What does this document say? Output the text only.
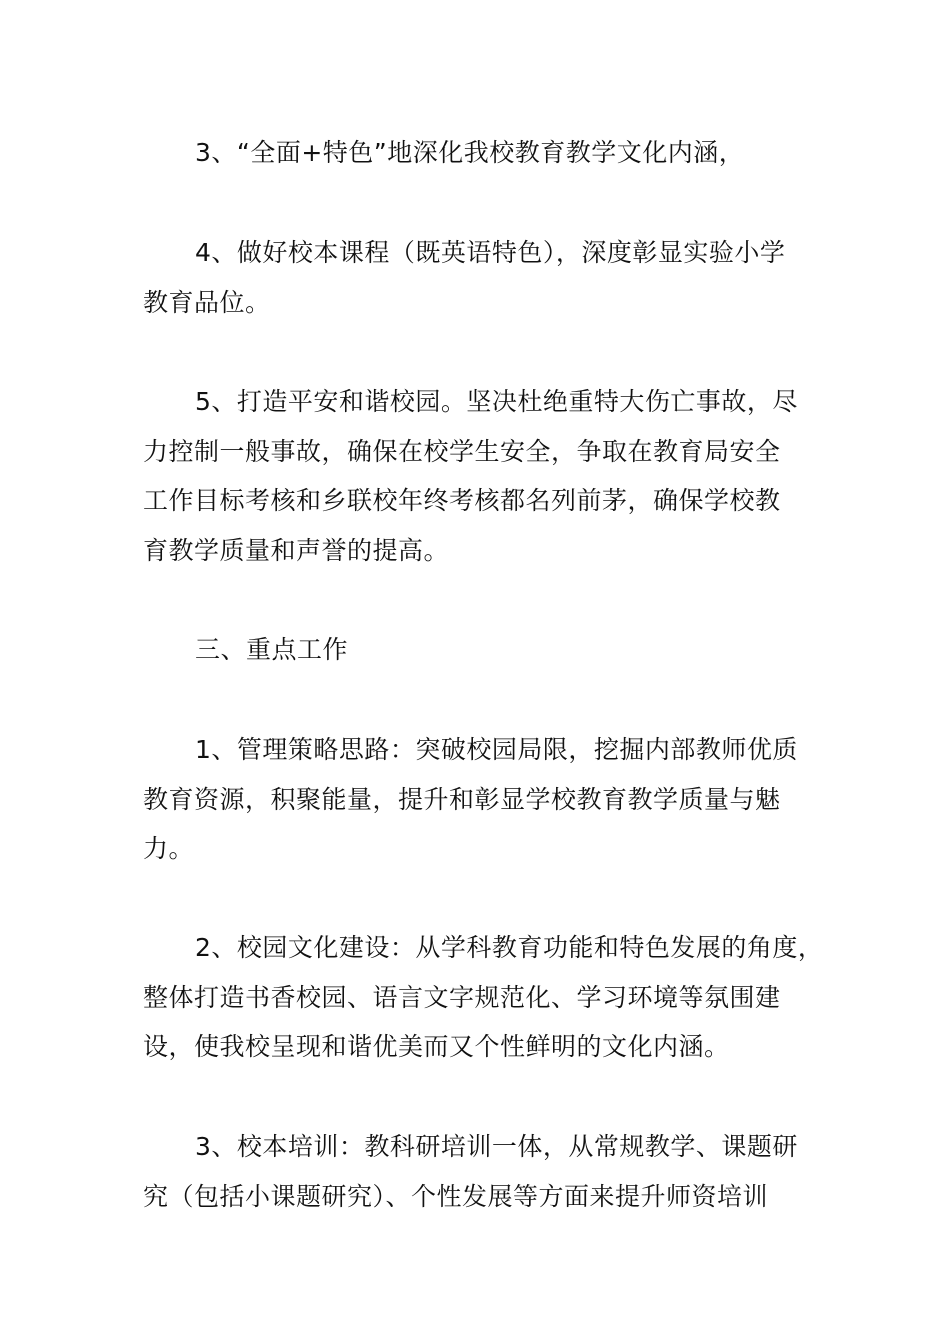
3、“全面+特色”地深化我校教育教学文化内涵，

4、做好校本课程（既英语特色），深度彰显实验小学
教育品位。

5、打造平安和谐校园。坚决杜绝重特大伤亡事故，尽
力控制一般事故，确保在校学生安全，争取在教育局安全
工作目标考核和乡联校年终考核都名列前茅，确保学校教
育教学质量和声誉的提高。

三、重点工作

1、管理策略思路：突破校园局限，挖掘内部教师优质
教育资源，积聚能量，提升和彰显学校教育教学质量与魅
力。

2、校园文化建设：从学科教育功能和特色发展的角度，
整体打造书香校园、语言文字规范化、学习环境等氛围建
设，使我校呈现和谐优美而又个性鲜明的文化内涵。

3、校本培训：教科研培训一体，从常规教学、课题研
究（包括小课题研究）、个性发展等方面来提升师资培训
